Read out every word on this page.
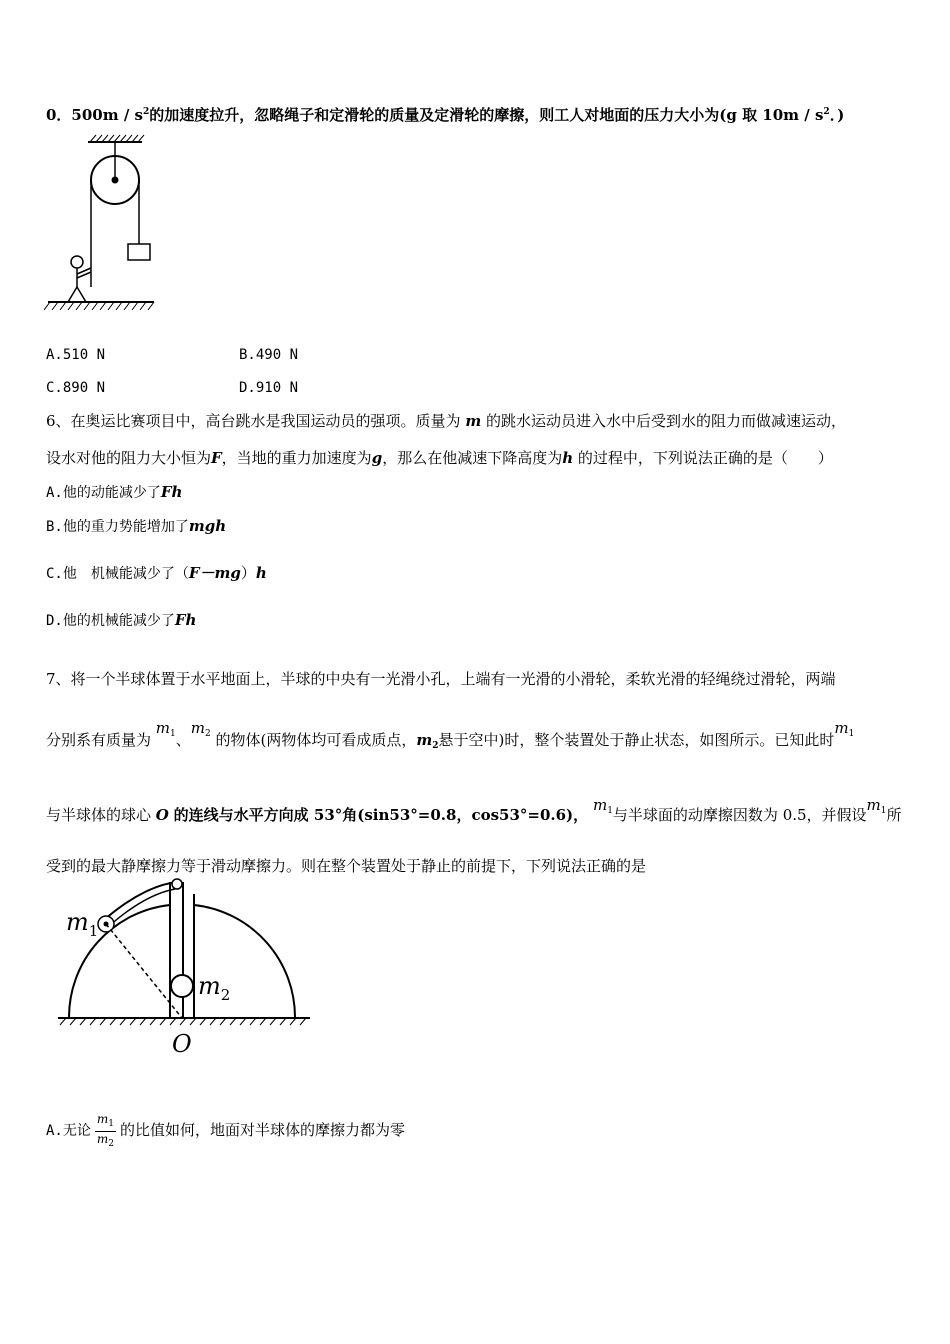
0．$500m / s^2$的加速度拉升，忽略绳子和定滑轮的质量及定滑轮的摩擦，则工人对地面的压力大小为(g 取 $10m / s^2$．)
A.510 N	B.490 N
C.890 N	D.910 N
6、在奥运比赛项目中，高台跳水是我国运动员的强项。质量为 m 的跳水运动员进入水中后受到水的阻力而做减速运动，
设水对他的阻力大小恒为F，当地的重力加速度为g，那么在他减速下降高度为h 的过程中，下列说法正确的是（　　）
A.他的动能减少了Fh
B.他的重力势能增加了mgh
C.他　机械能减少了（F－mg）h
D.他的机械能减少了Fh
7、将一个半球体置于水平地面上，半球的中央有一光滑小孔，上端有一光滑的小滑轮，柔软光滑的轻绳绕过滑轮，两端
分别系有质量为 $m_1$、$m_2$ 的物体(两物体均可看成质点，$m_2$悬于空中)时，整个装置处于静止状态，如图所示。已知此时$m_1$
与半球体的球心 O 的连线与水平方向成 53°角(sin53°=0.8，cos53°=0.6)， $m_1$与半球面的动摩擦因数为 0.5，并假设$m_1$所
受到的最大静摩擦力等于滑动摩擦力。则在整个装置处于静止的前提下，下列说法正确的是
$m_1$
$m_2$
O
A.无论 $\frac{m_1}{m_2}$ 的比值如何，地面对半球体的摩擦力都为零
